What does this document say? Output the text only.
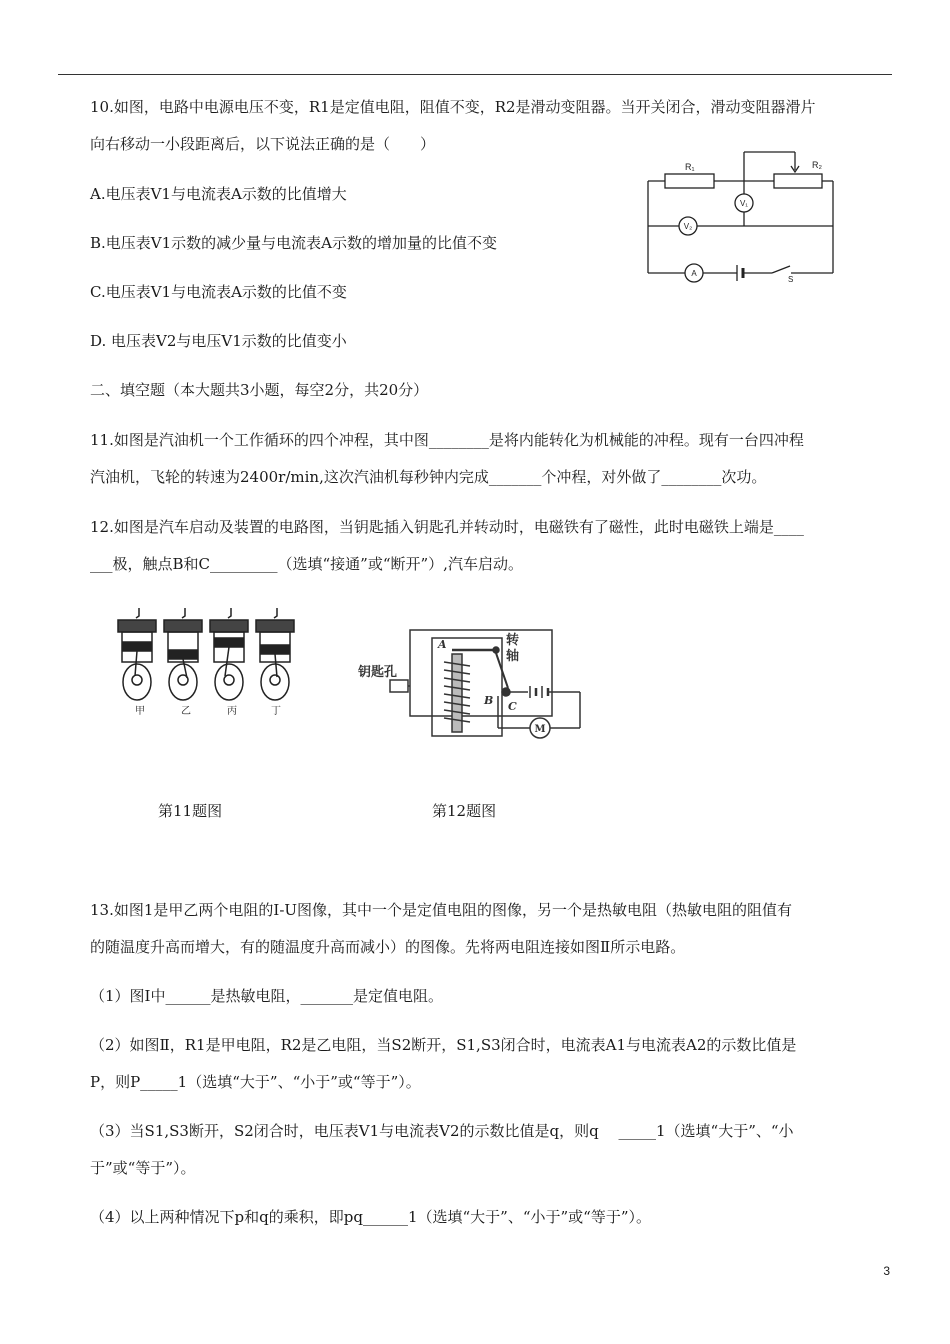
10.如图，电路中电源电压不变，R1是定值电阻，阻值不变，R2是滑动变阻器。当开关闭合，滑动变阻器滑片
向右移动一小段距离后，以下说法正确的是（　　）
A.电压表V1与电流表A示数的比值增大
B.电压表V1示数的减少量与电流表A示数的增加量的比值不变
C.电压表V1与电流表A示数的比值不变
D. 电压表V2与电压V1示数的比值变小
R₁	R₂
V₁
V₂
A
S
二、填空题（本大题共3小题，每空2分，共20分）
11.如图是汽油机一个工作循环的四个冲程，其中图________是将内能转化为机械能的冲程。现有一台四冲程
汽油机，飞轮的转速为2400r/min,这次汽油机每秒钟内完成_______个冲程，对外做了________次功。
12.如图是汽车启动及装置的电路图，当钥匙插入钥匙孔并转动时，电磁铁有了磁性，此时电磁铁上端是____
___极，触点B和C_________（选填“接通”或“断开”）,汽车启动。
甲	乙	丙	丁
钥匙孔
A	转
轴
B C
M
第11题图	第12题图
13.如图1是甲乙两个电阻的I-U图像，其中一个是定值电阻的图像，另一个是热敏电阻（热敏电阻的阻值有
的随温度升高而增大，有的随温度升高而减小）的图像。先将两电阻连接如图Ⅱ所示电路。
（1）图Ⅰ中______是热敏电阻，_______是定值电阻。
（2）如图Ⅱ，R1是甲电阻，R2是乙电阻，当S2断开，S1,S3闭合时，电流表A1与电流表A2的示数比值是
P，则P_____1（选填“大于”、“小于”或“等于”）。
（3）当S1,S3断开，S2闭合时，电压表V1与电流表V2的示数比值是q，则q　 _____1（选填“大于”、“小
于”或“等于”）。
（4）以上两种情况下p和q的乘积，即pq______1（选填“大于”、“小于”或“等于”）。
3
